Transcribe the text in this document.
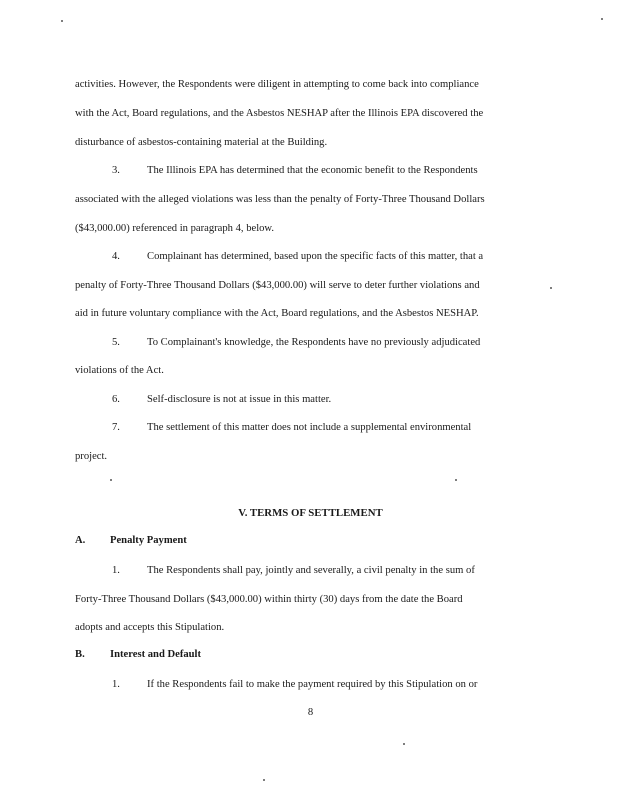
activities. However, the Respondents were diligent in attempting to come back into compliance
with the Act, Board regulations, and the Asbestos NESHAP after the Illinois EPA discovered the
disturbance of asbestos-containing material at the Building.
3.	The Illinois EPA has determined that the economic benefit to the Respondents
associated with the alleged violations was less than the penalty of Forty-Three Thousand Dollars
($43,000.00) referenced in paragraph 4, below.
4.	Complainant has determined, based upon the specific facts of this matter, that a
penalty of Forty-Three Thousand Dollars ($43,000.00) will serve to deter further violations and
aid in future voluntary compliance with the Act, Board regulations, and the Asbestos NESHAP.
5.	To Complainant's knowledge, the Respondents have no previously adjudicated
violations of the Act.
6.	Self-disclosure is not at issue in this matter.
7.	The settlement of this matter does not include a supplemental environmental
project.
V. TERMS OF SETTLEMENT
A. Penalty Payment
1.	The Respondents shall pay, jointly and severally, a civil penalty in the sum of
Forty-Three Thousand Dollars ($43,000.00) within thirty (30) days from the date the Board
adopts and accepts this Stipulation.
B. Interest and Default
1.	If the Respondents fail to make the payment required by this Stipulation on or
8
